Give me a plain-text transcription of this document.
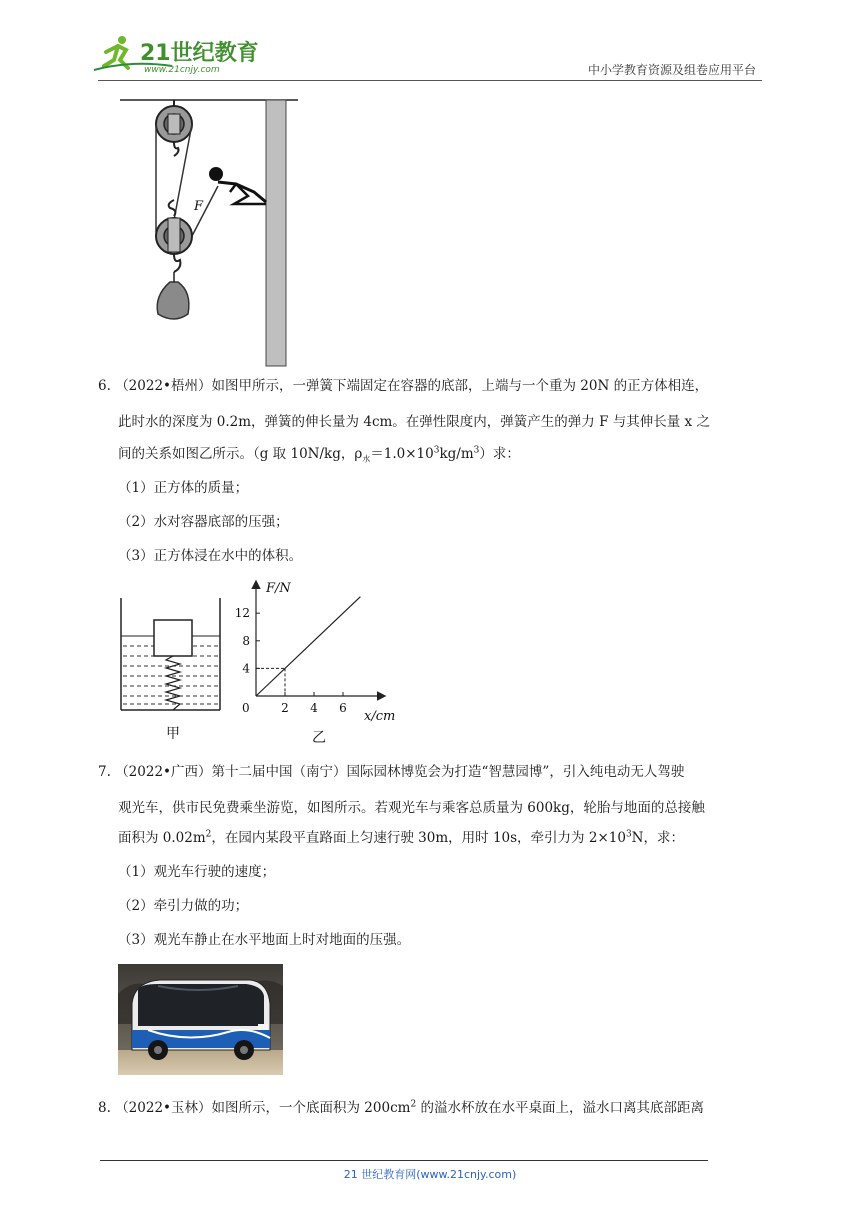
21世纪教育
www.21cnjy.com	中小学教育资源及组卷应用平台
F
6. （2022•梧州）如图甲所示，一弹簧下端固定在容器的底部，上端与一个重为 20N 的正方体相连，
此时水的深度为 0.2m，弹簧的伸长量为 4cm。在弹性限度内，弹簧产生的弹力 F 与其伸长量 x 之
间的关系如图乙所示。（g 取 10N/kg，$\rho_水=1.0\times 10^3kg/m^3$）求：
（1）正方体的质量；
（2）水对容器底部的压强；
（3）正方体浸在水中的体积。
甲
2 4 6
4
8
12
F/N
x/cm
0
乙
7. （2022•广西）第十二届中国（南宁）国际园林博览会为打造“智慧园博”，引入纯电动无人驾驶
观光车，供市民免费乘坐游览，如图所示。若观光车与乘客总质量为 600kg，轮胎与地面的总接触
面积为 $0.02m^2$，在园内某段平直路面上匀速行驶 30m，用时 10s，牵引力为 $2\times 10^3N$，求：
（1）观光车行驶的速度；
（2）牵引力做的功；
（3）观光车静止在水平地面上时对地面的压强。
8. （2022•玉林）如图所示，一个底面积为 $200cm^2$ 的溢水杯放在水平桌面上，溢水口离其底部距离
21 世纪教育网(www.21cnjy.com)
